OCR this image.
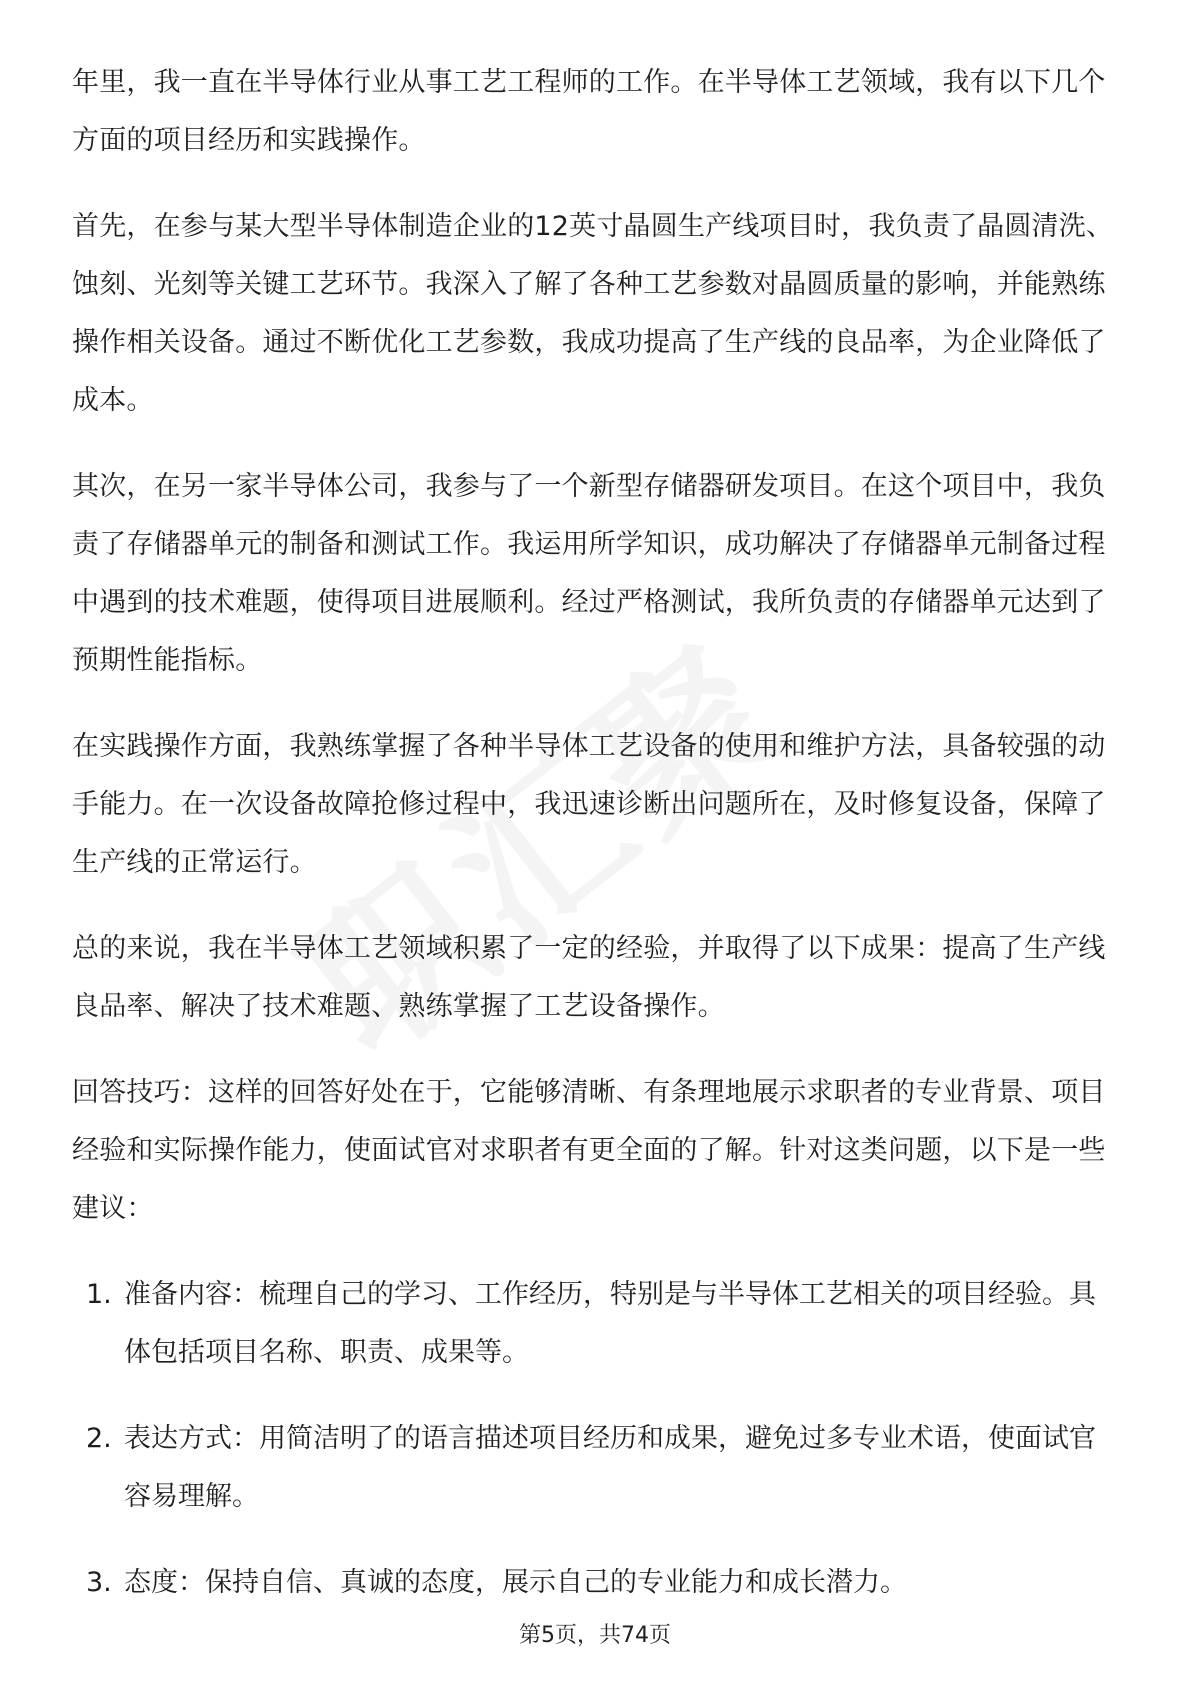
年里，我一直在半导体行业从事工艺工程师的工作。在半导体工艺领域，我有以下几个方面的项目经历和实践操作。

首先，在参与某大型半导体制造企业的12英寸晶圆生产线项目时，我负责了晶圆清洗、蚀刻、光刻等关键工艺环节。我深入了解了各种工艺参数对晶圆质量的影响，并能熟练操作相关设备。通过不断优化工艺参数，我成功提高了生产线的良品率，为企业降低了成本。

其次，在另一家半导体公司，我参与了一个新型存储器研发项目。在这个项目中，我负责了存储器单元的制备和测试工作。我运用所学知识，成功解决了存储器单元制备过程中遇到的技术难题，使得项目进展顺利。经过严格测试，我所负责的存储器单元达到了预期性能指标。

在实践操作方面，我熟练掌握了各种半导体工艺设备的使用和维护方法，具备较强的动手能力。在一次设备故障抢修过程中，我迅速诊断出问题所在，及时修复设备，保障了生产线的正常运行。

总的来说，我在半导体工艺领域积累了一定的经验，并取得了以下成果：提高了生产线良品率、解决了技术难题、熟练掌握了工艺设备操作。

回答技巧：这样的回答好处在于，它能够清晰、有条理地展示求职者的专业背景、项目经验和实际操作能力，使面试官对求职者有更全面的了解。针对这类问题，以下是一些建议：

1. 准备内容：梳理自己的学习、工作经历，特别是与半导体工艺相关的项目经验。具体包括项目名称、职责、成果等。
2. 表达方式：用简洁明了的语言描述项目经历和成果，避免过多专业术语，使面试官容易理解。
3. 态度：保持自信、真诚的态度，展示自己的专业能力和成长潜力。
第5页，共74页
